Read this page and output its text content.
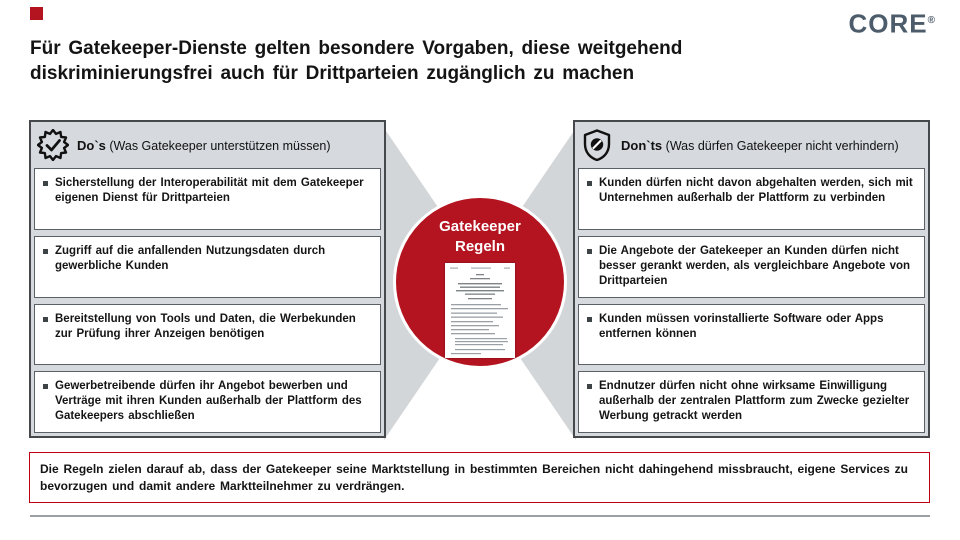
CORE®
Für Gatekeeper-Dienste gelten besondere Vorgaben, diese weitgehend
diskriminierungsfrei auch für Drittparteien zugänglich zu machen
Gatekeeper
Regeln
Do`s (Was Gatekeeper unterstützen müssen)
Sicherstellung der Interoperabilität mit dem Gatekeeper eigenen Dienst für Drittparteien
Zugriff auf die anfallenden Nutzungsdaten durch gewerbliche Kunden
Bereitstellung von Tools und Daten, die Werbekunden zur Prüfung ihrer Anzeigen benötigen
Gewerbetreibende dürfen ihr Angebot bewerben und Verträge mit ihren Kunden außerhalb der Plattform des Gatekeepers abschließen
Don`ts (Was dürfen Gatekeeper nicht verhindern)
Kunden dürfen nicht davon abgehalten werden, sich mit Unternehmen außerhalb der Plattform zu verbinden
Die Angebote der Gatekeeper an Kunden dürfen nicht besser gerankt werden, als vergleichbare Angebote von Drittparteien
Kunden müssen vorinstallierte Software oder Apps entfernen können
Endnutzer dürfen nicht ohne wirksame Einwilligung außerhalb der zentralen Plattform zum Zwecke gezielter Werbung getrackt werden
Die Regeln zielen darauf ab, dass der Gatekeeper seine Marktstellung in bestimmten Bereichen nicht dahingehend missbraucht, eigene Services zu bevorzugen und damit andere Marktteilnehmer zu verdrängen.
